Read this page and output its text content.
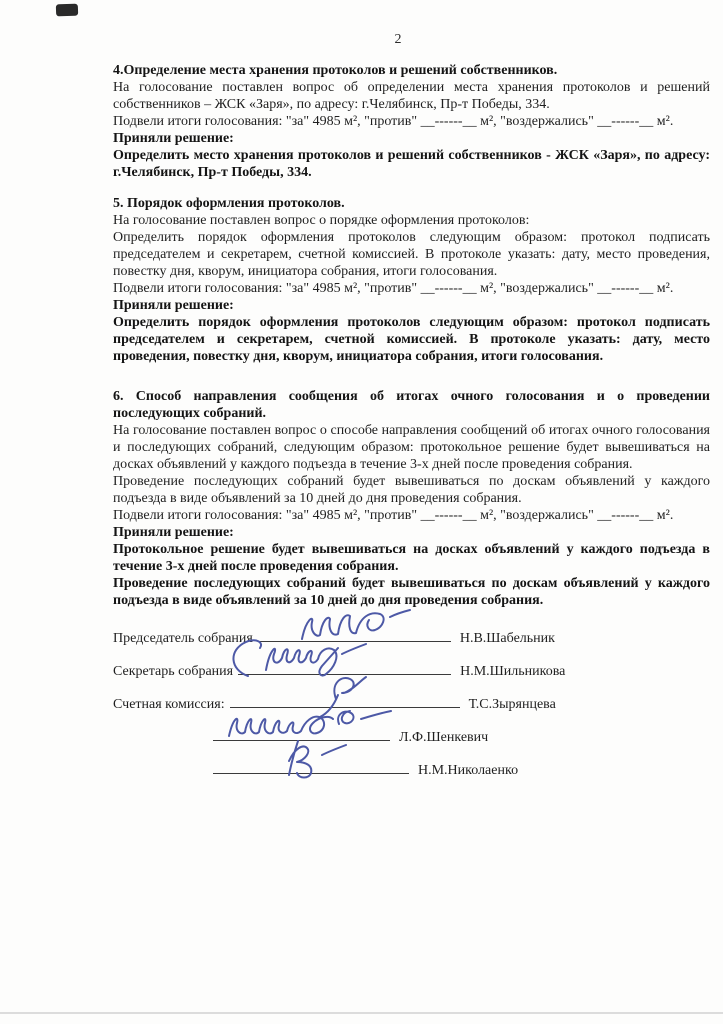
2
4.Определение места хранения протоколов и решений собственников.

На голосование поставлен вопрос об определении места хранения протоколов и решений собственников – ЖСК «Заря», по адресу: г.Челябинск, Пр-т Победы, 334.

Подвели итоги голосования: "за" 4985 м², "против" __------__ м², "воздержались" __------__ м².

Приняли решение:

Определить место хранения протоколов и решений собственников - ЖСК «Заря», по адресу: г.Челябинск, Пр-т Победы, 334.

5. Порядок оформления протоколов.

На голосование поставлен вопрос о порядке оформления протоколов:

Определить порядок оформления протоколов следующим образом: протокол подписать председателем и секретарем, счетной комиссией. В протоколе указать: дату, место проведения, повестку дня, кворум, инициатора собрания, итоги голосования.

Подвели итоги голосования: "за" 4985 м², "против" __------__ м², "воздержались" __------__ м².

Приняли решение:

Определить порядок оформления протоколов следующим образом: протокол подписать председателем и секретарем, счетной комиссией. В протоколе указать: дату, место проведения, повестку дня, кворум, инициатора собрания, итоги голосования.

6. Способ направления сообщения об итогах очного голосования и о проведении последующих собраний.

На голосование поставлен вопрос о способе направления сообщений об итогах очного голосования и последующих собраний, следующим образом: протокольное решение будет вывешиваться на досках объявлений у каждого подъезда в течение 3-х дней после проведения собрания.

Проведение последующих собраний будет вывешиваться по доскам объявлений у каждого подъезда в виде объявлений за 10 дней до дня проведения собрания.

Подвели итоги голосования: "за" 4985 м², "против" __------__ м², "воздержались" __------__ м².

Приняли решение:

Протокольное решение будет вывешиваться на досках объявлений у каждого подъезда в течение 3-х дней после проведения собрания.

Проведение последующих собраний будет вывешиваться по доскам объявлений у каждого подъезда в виде объявлений за 10 дней до дня проведения собрания.

Председатель собрания	Н.В.Шабельник
Секретарь собрания	Н.М.Шильникова
Счетная комиссия:	Т.С.Зырянцева
Л.Ф.Шенкевич
Н.М.Николаенко
